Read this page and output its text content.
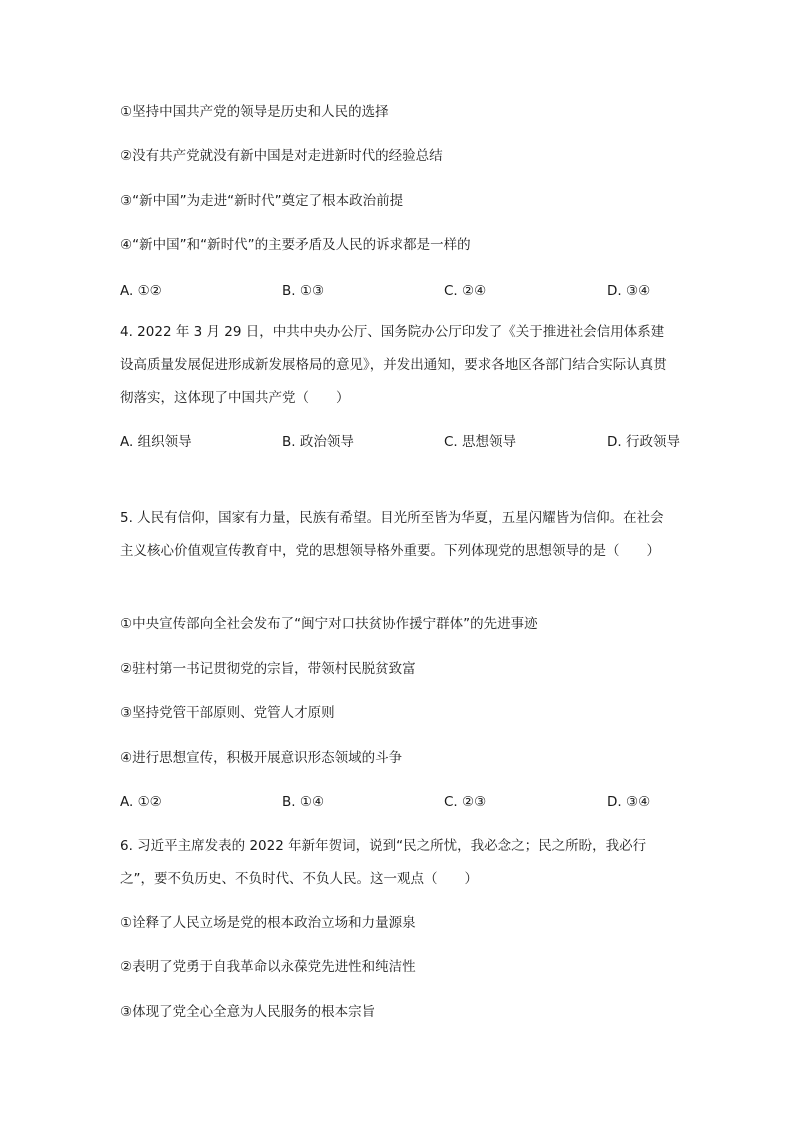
①坚持中国共产党的领导是历史和人民的选择
②没有共产党就没有新中国是对走进新时代的经验总结
③“新中国”为走进“新时代”奠定了根本政治前提
④“新中国”和“新时代”的主要矛盾及人民的诉求都是一样的
A. ①②	B. ①③	C. ②④	D. ③④
4. 2022 年 3 月 29 日，中共中央办公厅、国务院办公厅印发了《关于推进社会信用体系建设高质量发展促进形成新发展格局的意见》，并发出通知，要求各地区各部门结合实际认真贯彻落实，这体现了中国共产党（　　）
A. 组织领导	B. 政治领导	C. 思想领导	D. 行政领导
5. 人民有信仰，国家有力量，民族有希望。目光所至皆为华夏，五星闪耀皆为信仰。在社会主义核心价值观宣传教育中，党的思想领导格外重要。下列体现党的思想领导的是（　　）
①中央宣传部向全社会发布了“闽宁对口扶贫协作援宁群体”的先进事迹
②驻村第一书记贯彻党的宗旨，带领村民脱贫致富
③坚持党管干部原则、党管人才原则
④进行思想宣传，积极开展意识形态领域的斗争
A. ①②	B. ①④	C. ②③	D. ③④
6. 习近平主席发表的 2022 年新年贺词，说到“民之所忧，我必念之；民之所盼，我必行之”，要不负历史、不负时代、不负人民。这一观点（　　）
①诠释了人民立场是党的根本政治立场和力量源泉
②表明了党勇于自我革命以永葆党先进性和纯洁性
③体现了党全心全意为人民服务的根本宗旨
